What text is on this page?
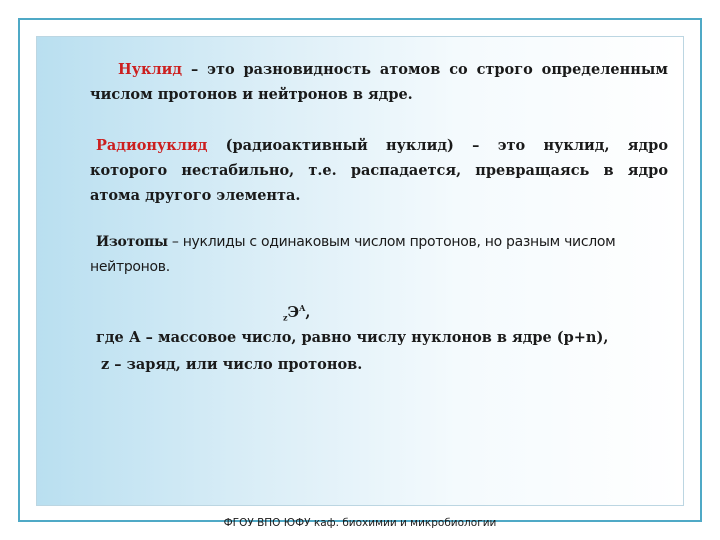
Нуклид – это разновидность атомов со строго определенным числом протонов и нейтронов в ядре.
Радионуклид (радиоактивный нуклид) – это нуклид, ядро которого нестабильно, т.е. распадается, превращаясь в ядро атома другого элемента.
Изотопы – нуклиды с одинаковым числом протонов, но разным числом нейтронов.
$_zЭ^A$,
где А – массовое число, равно числу нуклонов в ядре (p+n),
z – заряд, или число протонов.
ФГОУ ВПО ЮФУ каф. биохимии и микробиологии
